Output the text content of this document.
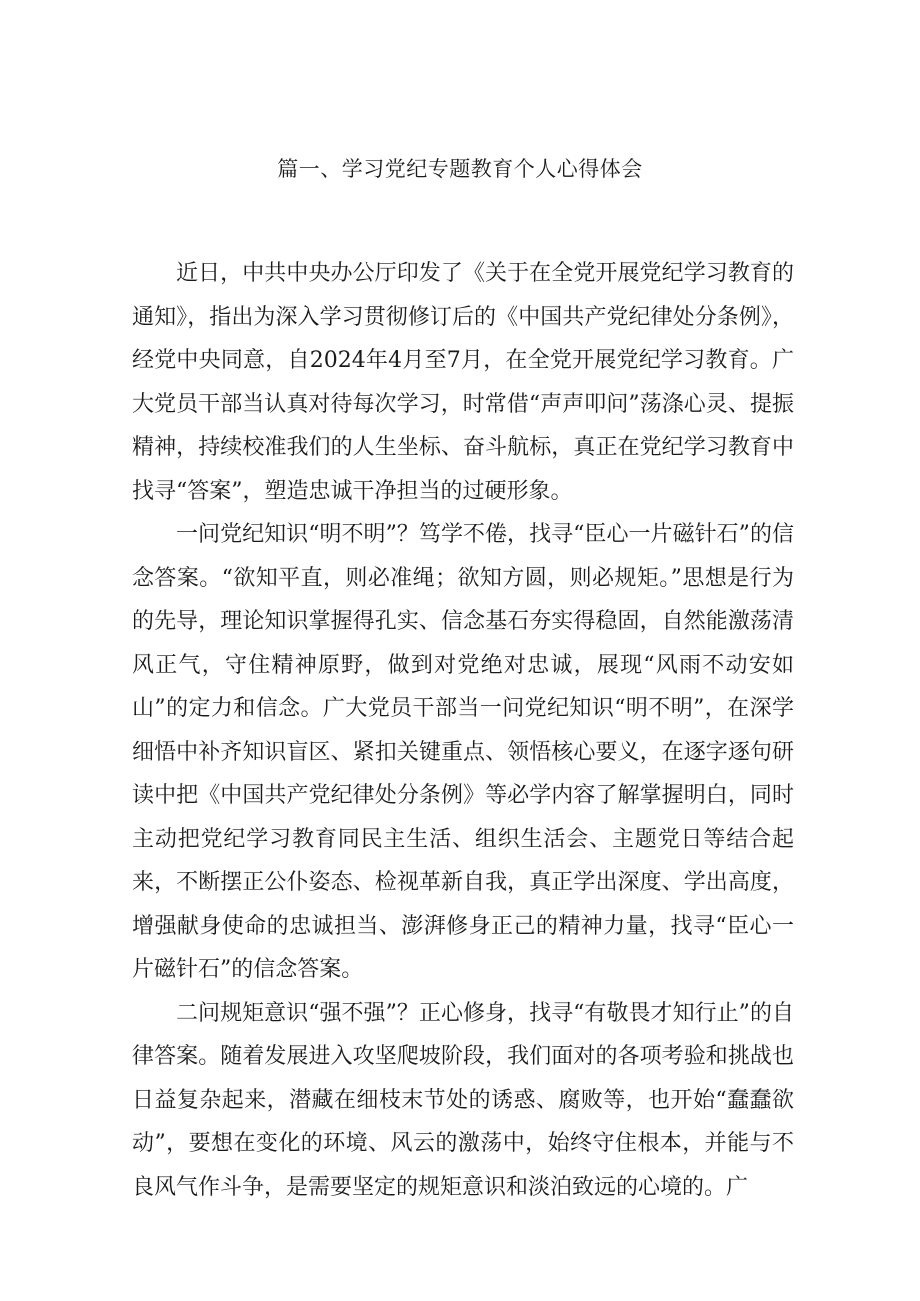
篇一、学习党纪专题教育个人心得体会

近日，中共中央办公厅印发了《关于在全党开展党纪学习教育的通知》，指出为深入学习贯彻修订后的《中国共产党纪律处分条例》，经党中央同意，自2024年4月至7月，在全党开展党纪学习教育。广大党员干部当认真对待每次学习，时常借“声声叩问”荡涤心灵、提振精神，持续校准我们的人生坐标、奋斗航标，真正在党纪学习教育中找寻“答案”，塑造忠诚干净担当的过硬形象。

一问党纪知识“明不明”？笃学不倦，找寻“臣心一片磁针石”的信念答案。“欲知平直，则必准绳；欲知方圆，则必规矩。”思想是行为的先导，理论知识掌握得孔实、信念基石夯实得稳固，自然能激荡清风正气，守住精神原野，做到对党绝对忠诚，展现“风雨不动安如山”的定力和信念。广大党员干部当一问党纪知识“明不明”，在深学细悟中补齐知识盲区、紧扣关键重点、领悟核心要义，在逐字逐句研读中把《中国共产党纪律处分条例》等必学内容了解掌握明白，同时主动把党纪学习教育同民主生活、组织生活会、主题党日等结合起来，不断摆正公仆姿态、检视革新自我，真正学出深度、学出高度，增强献身使命的忠诚担当、澎湃修身正己的精神力量，找寻“臣心一片磁针石”的信念答案。

二问规矩意识“强不强”？正心修身，找寻“有敬畏才知行止”的自律答案。随着发展进入攻坚爬坡阶段，我们面对的各项考验和挑战也日益复杂起来，潜藏在细枝末节处的诱惑、腐败等，也开始“蠢蠢欲动”，要想在变化的环境、风云的激荡中，始终守住根本，并能与不良风气作斗争，是需要坚定的规矩意识和淡泊致远的心境的。广
